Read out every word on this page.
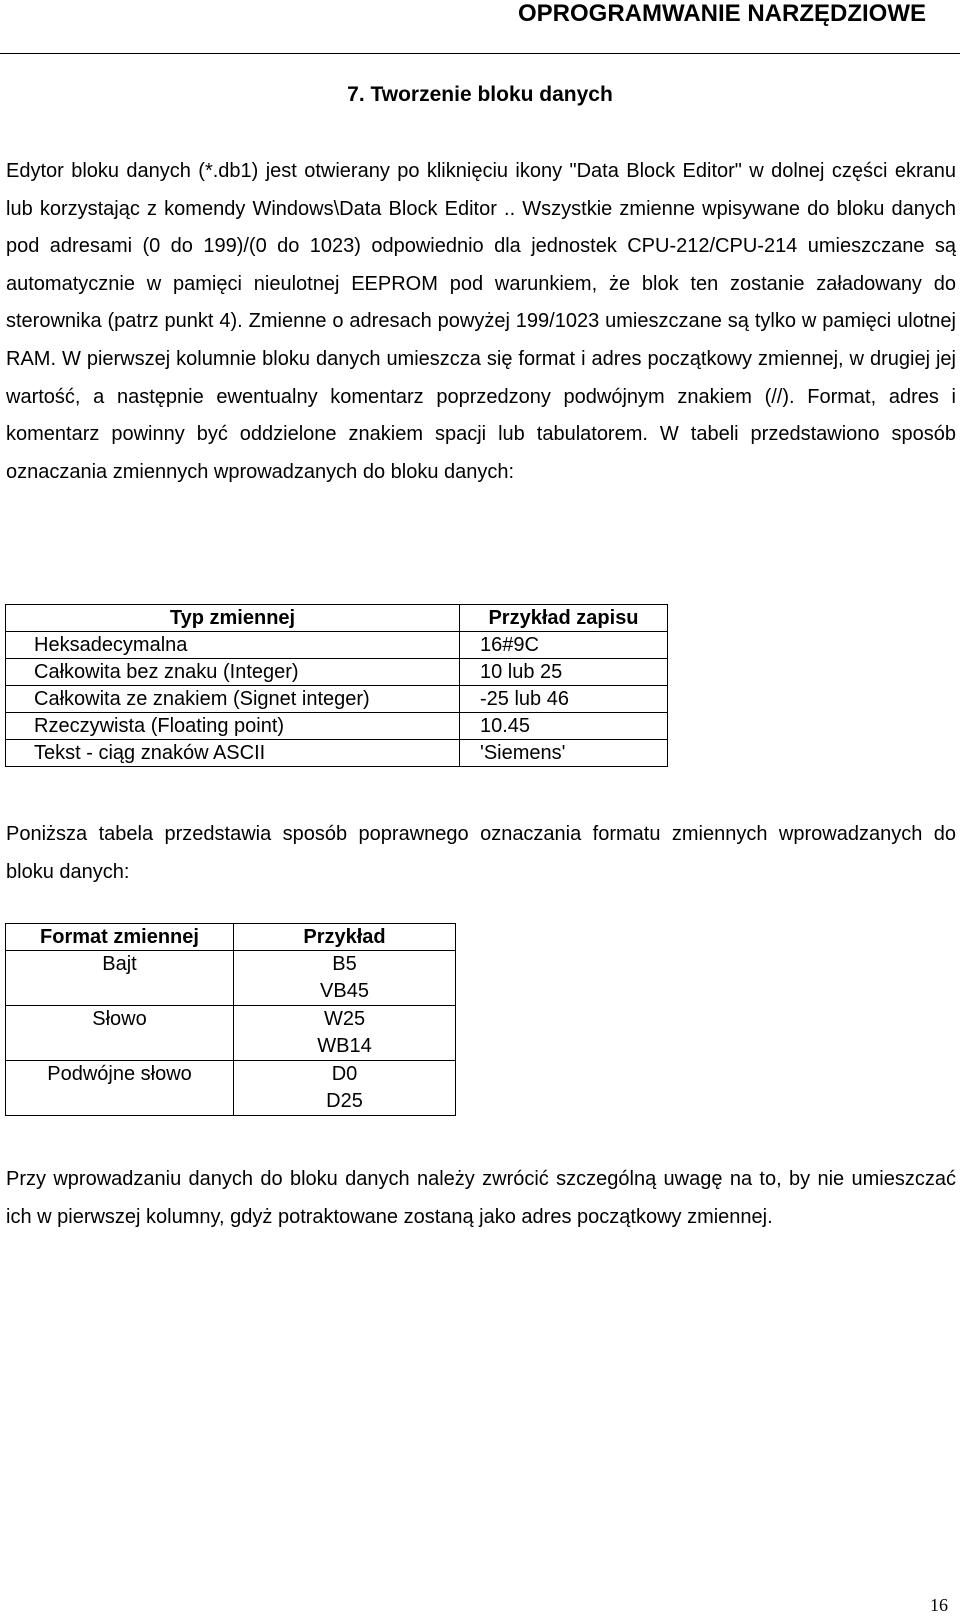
OPROGRAMWANIE NARZĘDZIOWE
7. Tworzenie bloku danych

Edytor bloku danych (*.db1) jest otwierany po kliknięciu ikony "Data Block Editor" w dolnej części ekranu lub korzystając z komendy Windows\Data Block Editor .. Wszystkie zmienne wpisywane do bloku danych pod adresami (0 do 199)/(0 do 1023) odpowiednio dla jednostek CPU-212/CPU-214 umieszczane są automatycznie w pamięci nieulotnej EEPROM pod warunkiem, że blok ten zostanie załadowany do sterownika (patrz punkt 4). Zmienne o adresach powyżej 199/1023 umieszczane są tylko w pamięci ulotnej RAM. W pierwszej kolumnie bloku danych umieszcza się format i adres początkowy zmiennej, w drugiej jej wartość, a następnie ewentualny komentarz poprzedzony podwójnym znakiem (//). Format, adres i komentarz powinny być oddzielone znakiem spacji lub tabulatorem. W tabeli przedstawiono sposób oznaczania zmiennych wprowadzanych do bloku danych:

Typ zmiennej	Przykład zapisu
Heksadecymalna	16#9C
Całkowita bez znaku (Integer)	10 lub 25
Całkowita ze znakiem (Signet integer)	-25 lub 46
Rzeczywista (Floating point)	10.45
Tekst - ciąg znaków ASCII	'Siemens'

Poniższa tabela przedstawia sposób poprawnego oznaczania formatu zmiennych wprowadzanych do bloku danych:

Format zmiennej	Przykład

Bajt	B5
VB45

Słowo	W25
WB14

Podwójne słowo	D0
D25

Przy wprowadzaniu danych do bloku danych należy zwrócić szczególną uwagę na to, by nie umieszczać ich w pierwszej kolumny, gdyż potraktowane zostaną jako adres początkowy zmiennej.

16
